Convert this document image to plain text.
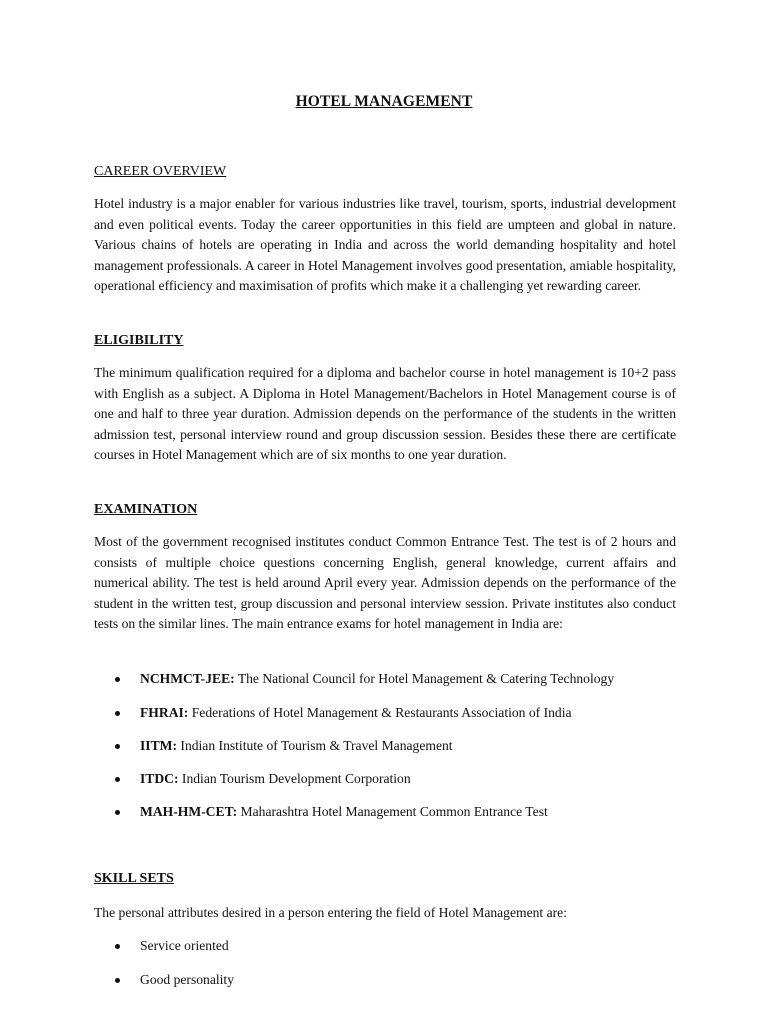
HOTEL MANAGEMENT
CAREER OVERVIEW

Hotel industry is a major enabler for various industries like travel, tourism, sports, industrial development and even political events. Today the career opportunities in this field are umpteen and global in nature. Various chains of hotels are operating in India and across the world demanding hospitality and hotel management professionals. A career in Hotel Management involves good presentation, amiable hospitality, operational efficiency and maximisation of profits which make it a challenging yet rewarding career.

ELIGIBILITY

The minimum qualification required for a diploma and bachelor course in hotel management is 10+2 pass with English as a subject. A Diploma in Hotel Management/Bachelors in Hotel Management course is of one and half to three year duration. Admission depends on the performance of the students in the written admission test, personal interview round and group discussion session. Besides these there are certificate courses in Hotel Management which are of six months to one year duration.

EXAMINATION

Most of the government recognised institutes conduct Common Entrance Test. The test is of 2 hours and consists of multiple choice questions concerning English, general knowledge, current affairs and numerical ability. The test is held around April every year. Admission depends on the performance of the student in the written test, group discussion and personal interview session. Private institutes also conduct tests on the similar lines. The main entrance exams for hotel management in India are:

NCHMCT-JEE: The National Council for Hotel Management & Catering Technology
FHRAI: Federations of Hotel Management & Restaurants Association of India
IITM: Indian Institute of Tourism & Travel Management
ITDC: Indian Tourism Development Corporation
MAH-HM-CET: Maharashtra Hotel Management Common Entrance Test
SKILL SETS

The personal attributes desired in a person entering the field of Hotel Management are:

Service oriented
Good personality
